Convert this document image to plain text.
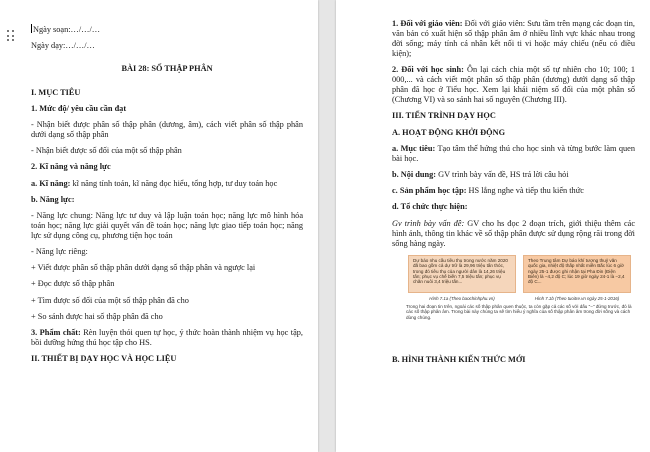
Ngày soạn:…/…/…

Ngày dạy:…/…/…

BÀI 28: SỐ THẬP PHÂN

I. MỤC TIÊU

1. Mức độ/ yêu cầu cần đạt

- Nhận biết được phân số thập phân (dương, âm), cách viết phân số thập phân dưới dạng số thập phân

- Nhận biết được số đối của một số thập phân

2. Kĩ năng và năng lực

a. Kĩ năng: kĩ năng tính toán, kĩ năng đọc hiểu, tổng hợp, tư duy toán học

b. Năng lực:

- Năng lực chung: Năng lực tư duy và lập luận toán học; năng lực mô hình hóa toán học; năng lực giải quyết vấn đề toán học; năng lực giao tiếp toán học; năng lực sử dụng công cụ, phương tiện học toán

- Năng lực riêng:

+ Viết được phân số thập phân dưới dạng số thập phân và ngược lại

+ Đọc được số thập phân

+ Tìm được số đối của một số thập phân đã cho

+ So sánh được hai số thập phân đã cho

3. Phẩm chất: Rèn luyện thói quen tự học, ý thức hoàn thành nhiệm vụ học tập, bồi dưỡng hứng thú học tập cho HS.

II. THIẾT BỊ DẠY HỌC VÀ HỌC LIỆU

1. Đối với giáo viên: Đối với giáo viên: Sưu tầm trên mạng các đoạn tin, văn bản có xuất hiện số thập phân âm ở nhiều lĩnh vực khác nhau trong đời sống; máy tính cá nhân kết nối ti vi hoặc máy chiếu (nếu có điều kiện);

2. Đối với học sinh: Ôn lại cách chia một số tự nhiên cho 10; 100; 1 000,... và cách viết một phân số thập phân (dương) dưới dạng số thập phân đã học ở Tiểu học. Xem lại khái niệm số đối của một phân số (Chương VI) và so sánh hai số nguyên (Chương III).

III. TIẾN TRÌNH DẠY HỌC

A. HOẠT ĐỘNG KHỞI ĐỘNG

a. Mục tiêu: Tạo tâm thế hứng thú cho học sinh và từng bước làm quen bài học.

b. Nội dung: GV trình bày vấn đề, HS trả lời câu hỏi

c. Sản phẩm học tập: HS lắng nghe và tiếp thu kiến thức

d. Tổ chức thực hiện:

Gv trình bày vấn đề: GV cho hs đọc 2 đoạn trích, giới thiệu thêm các hình ảnh, thông tin khác về số thập phân được sử dụng rộng rãi trong đời sống hàng ngày.

Dự báo nhu cầu tiêu thụ trong nước năm 2020 đã bao gồm cả dự trữ là 29,96 triệu tấn thóc, trong đó tiêu thụ của người dân là 14,26 triệu tấn; phục vụ chế biến 7,5 triệu tấn; phục vụ chăn nuôi 3,4 triệu tấn...
Theo Trung tâm Dự báo khí tượng thuỷ văn quốc gia, nhiệt độ thấp nhất miền Bắc lúc 6 giờ ngày 25-1 được ghi nhận tại Pha Đin (Điện Biên) là −4,2 độ C; lúc 19 giờ ngày 24-1 là −2,4 độ C...
Hình 7.1a (Theo baochinhphu.vn)	Hình 7.1b (Theo tuoitre.vn ngày 25-1-2016)
Trong hai đoạn tin trên, ngoài các số thập phân quen thuộc, ta còn gặp cả các số với dấu "−" đứng trước, đó là các số thập phân âm. Trong bài này chúng ta sẽ tìm hiểu ý nghĩa của số thập phân âm trong đời sống và cách dùng chúng.

B. HÌNH THÀNH KIẾN THỨC MỚI
